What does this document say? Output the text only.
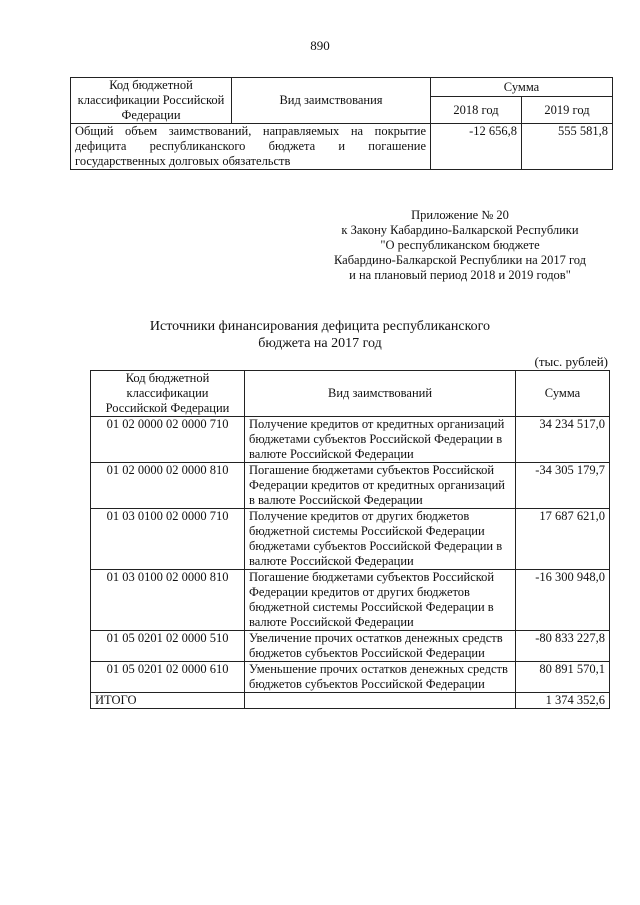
890
Код бюджетной классификации Российской Федерации	Вид заимствования	Сумма	
		2018 год	2019 год
Общий объем заимствований, направляемых на покрытие дефицита республиканского бюджета и погашение государственных долговых обязательств		-12 656,8	555 581,8
Приложение № 20
к Закону Кабардино-Балкарской Республики
"О республиканском бюджете
Кабардино-Балкарской Республики на 2017 год
и на плановый период 2018 и 2019 годов"
Источники финансирования дефицита республиканского
бюджета на 2017 год
(тыс. рублей)
Код бюджетной классификации Российской Федерации	Вид заимствований	Сумма
01 02 0000 02 0000 710	Получение кредитов от кредитных организаций бюджетами субъектов Российской Федерации в валюте Российской Федерации	34 234 517,0
01 02 0000 02 0000 810	Погашение бюджетами субъектов Российской Федерации кредитов от кредитных организаций в валюте Российской Федерации	-34 305 179,7
01 03 0100 02 0000 710	Получение кредитов от других бюджетов бюджетной системы Российской Федерации бюджетами субъектов Российской Федерации в валюте Российской Федерации	17 687 621,0
01 03 0100 02 0000 810	Погашение бюджетами субъектов Российской Федерации кредитов от других бюджетов бюджетной системы Российской Федерации в валюте Российской Федерации	-16 300 948,0
01 05 0201 02 0000 510	Увеличение прочих остатков денежных средств бюджетов субъектов Российской Федерации	-80 833 227,8
01 05 0201 02 0000 610	Уменьшение прочих остатков денежных средств бюджетов субъектов Российской Федерации	80 891 570,1
ИТОГО		1 374 352,6
